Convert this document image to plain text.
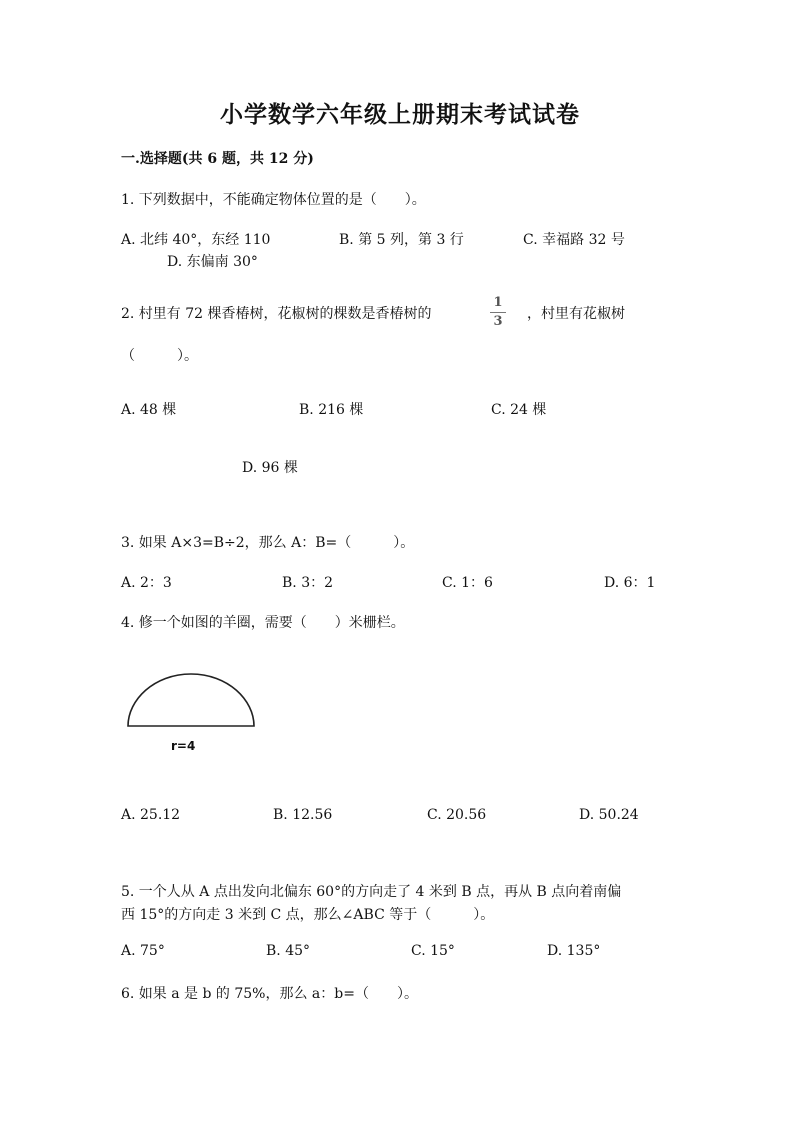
小学数学六年级上册期末考试试卷
一.选择题(共 6 题，共 12 分)
1. 下列数据中，不能确定物体位置的是（　　）。
A. 北纬 40°，东经 110	B. 第 5 列，第 3 行	C. 幸福路 32 号
D. 东偏南 30°
2. 村里有 72 棵香椿树，花椒树的棵数是香椿树的
1
3 ，村里有花椒树
（　　　）。
A. 48 棵	B. 216 棵	C. 24 棵
D. 96 棵
3. 如果 A×3=B÷2，那么 A：B=（　　　）。
A. 2：3	B. 3：2	C. 1：6	D. 6：1
4. 修一个如图的羊圈，需要（　　）米栅栏。
r=4
A. 25.12	B. 12.56	C. 20.56	D. 50.24
5. 一个人从 A 点出发向北偏东 60°的方向走了 4 米到 B 点，再从 B 点向着南偏
西 15°的方向走 3 米到 C 点，那么∠ABC 等于（　　　）。
A. 75°	B. 45°	C. 15°	D. 135°
6. 如果 a 是 b 的 75%，那么 a：b=（　　）。
